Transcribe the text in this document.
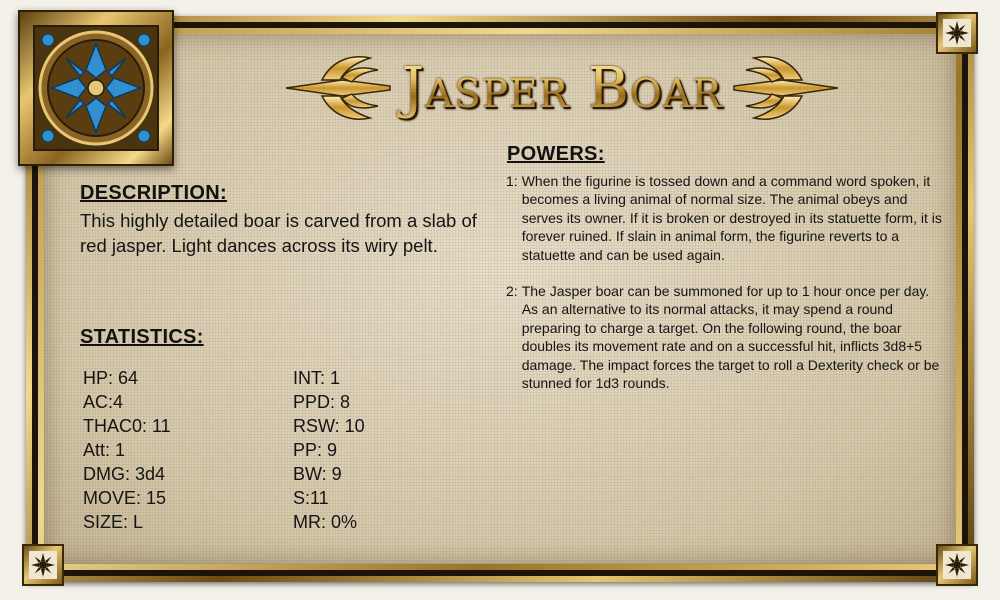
Jasper Boar
DESCRIPTION:
This highly detailed boar is carved from a slab of red jasper. Light dances across its wiry pelt.
STATISTICS:
HP: 64
AC:4
THAC0: 11
Att: 1
DMG: 3d4
MOVE: 15
SIZE: L
INT: 1
PPD: 8
RSW: 10
PP: 9
BW: 9
S:11
MR: 0%
POWERS:
1: When the figurine is tossed down and a command word spoken, it becomes a living animal of normal size. The animal obeys and serves its owner. If it is broken or destroyed in its statuette form, it is forever ruined. If slain in animal form, the figurine reverts to a statuette and can be used again.
2: The Jasper boar can be summoned for up to 1 hour once per day. As an alternative to its normal attacks, it may spend a round preparing to charge a target. On the following round, the boar doubles its movement rate and on a successful hit, inflicts 3d8+5 damage. The impact forces the target to roll a Dexterity check or be stunned for 1d3 rounds.
